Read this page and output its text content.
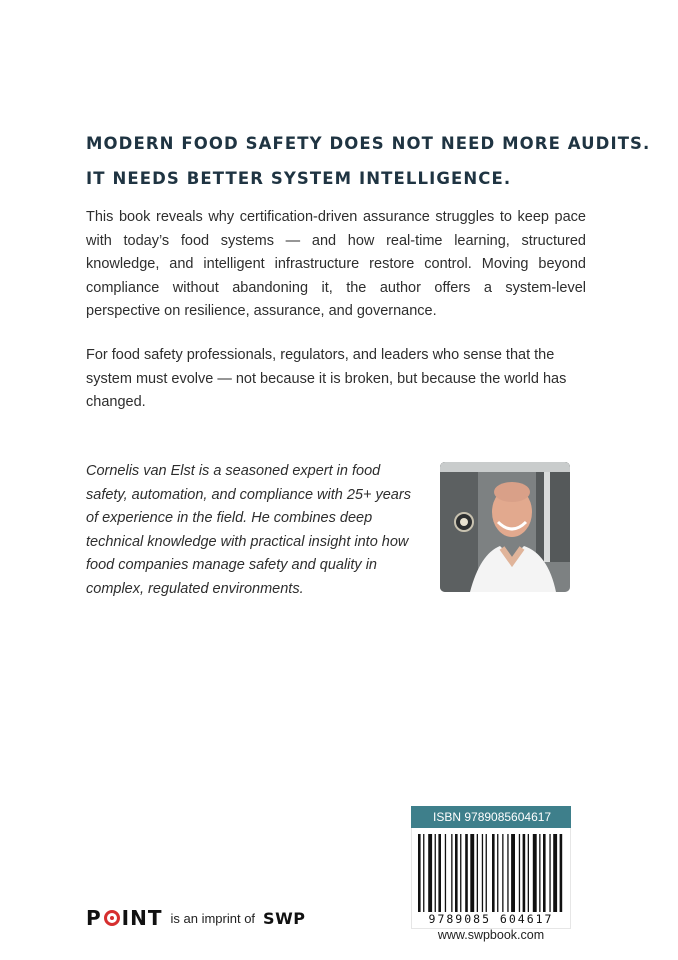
MODERN FOOD SAFETY DOES NOT NEED MORE AUDITS.
IT NEEDS BETTER SYSTEM INTELLIGENCE.
This book reveals why certification-driven assurance struggles to keep pace with today’s food systems — and how real-time learning, structured knowledge, and intelligent infrastructure restore control. Moving beyond compliance without abandoning it, the author offers a system-level perspective on resilience, assurance, and governance.
For food safety professionals, regulators, and leaders who sense that the system must evolve — not because it is broken, but because the world has changed.
Cornelis van Elst is a seasoned expert in food safety, automation, and compliance with 25+ years of experience in the field. He combines deep technical knowledge with practical insight into how food companies manage safety and quality in complex, regulated environments.
ISBN 9789085604617
9789085 604617
www.swpbook.com
P INT is an imprint of SWP
